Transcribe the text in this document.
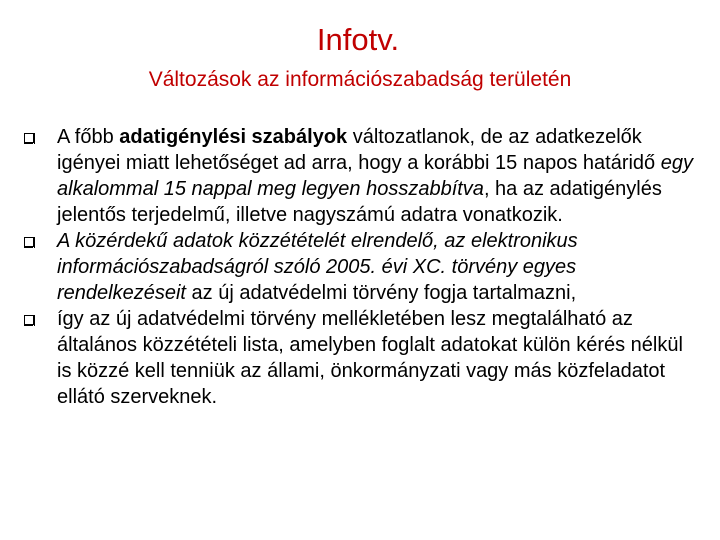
Infotv.
Változások az információszabadság területén
A főbb adatigénylési szabályok változatlanok, de az adatkezelők igényei miatt lehetőséget ad arra, hogy a korábbi 15 napos határidő egy alkalommal 15 nappal meg legyen hosszabbítva, ha az adatigénylés jelentős terjedelmű, illetve nagyszámú adatra vonatkozik.
A közérdekű adatok közzétételét elrendelő, az elektronikus információszabadságról szóló 2005. évi XC. törvény egyes rendelkezéseit az új adatvédelmi törvény fogja tartalmazni,
így az új adatvédelmi törvény mellékletében lesz megtalálható az általános közzétételi lista, amelyben foglalt adatokat külön kérés nélkül is közzé kell tenniük az állami, önkormányzati vagy más közfeladatot ellátó szerveknek.
